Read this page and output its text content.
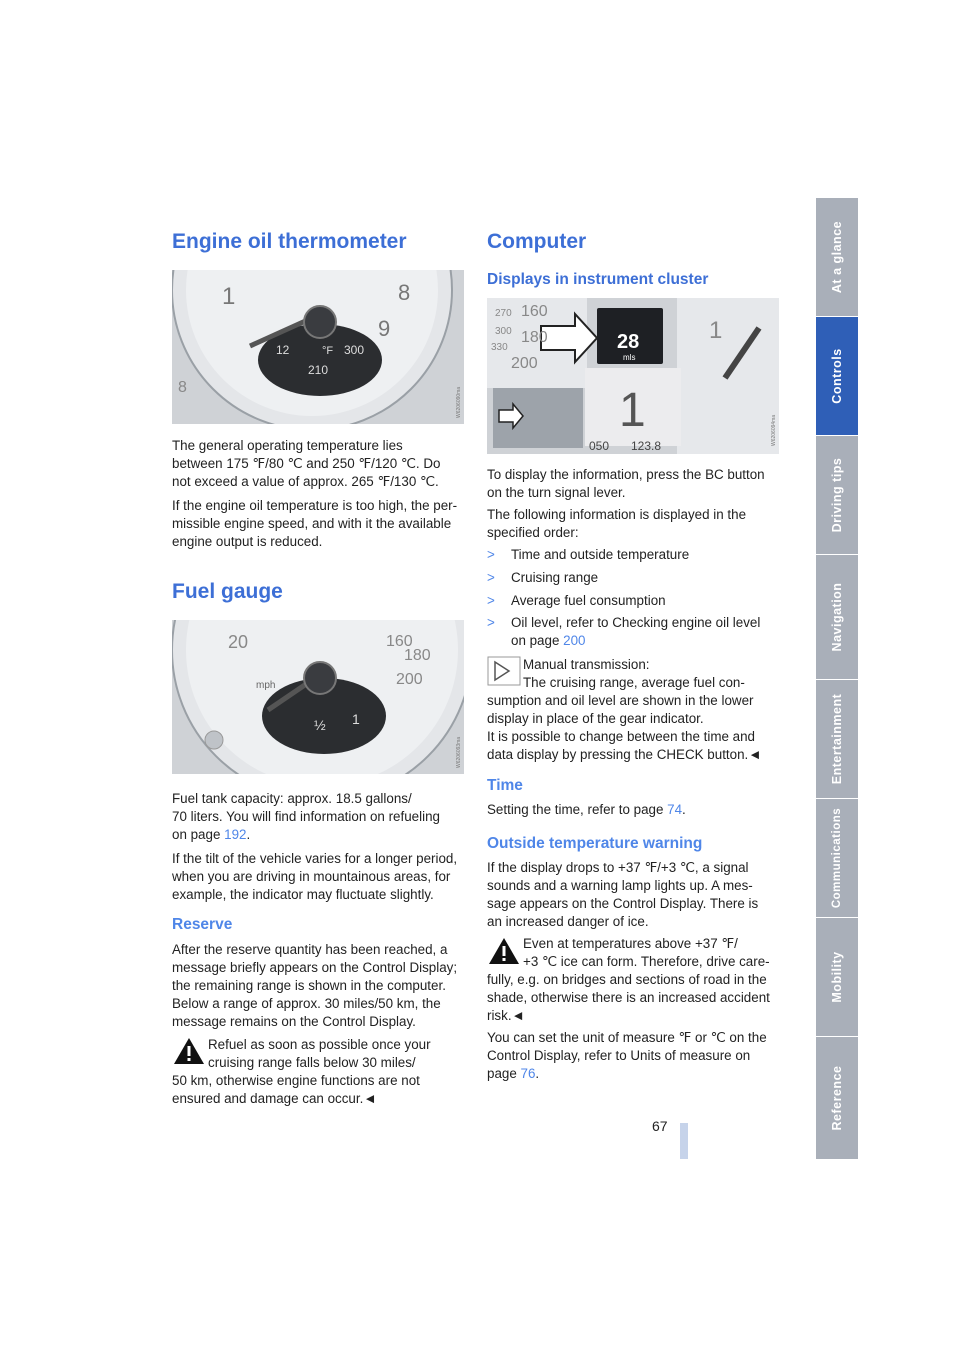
Engine oil thermometer
1	8
9
12	°F 300
210
8	W6206090ma

The general operating temperature lies

between 175 ℉/80 ℃ and 250 ℉/120 ℃. Do

not exceed a value of approx. 265 ℉/130 ℃.

If the engine oil temperature is too high, the per-

missible engine speed, and with it the available

engine output is reduced.

Fuel gauge
20
mph
160
180
200
1
½
W6206093ma

Fuel tank capacity: approx. 18.5 gallons/

70 liters. You will find information on refueling

on page 192.

If the tilt of the vehicle varies for a longer period,

when you are driving in mountainous areas, for

example, the indicator may fluctuate slightly.

Reserve

After the reserve quantity has been reached, a

message briefly appears on the Control Display;

the remaining range is shown in the computer.

Below a range of approx. 30 miles/50 km, the

message remains on the Control Display.

Refuel as soon as possible once your

cruising range falls below 30 miles/

50 km, otherwise engine functions are not

ensured and damage can occur.◄

Computer
Displays in instrument cluster
270 160
300 180
330
200
1
1
28
mls
050 123.8	W6206094ma

To display the information, press the BC button

on the turn signal lever.

The following information is displayed in the

specified order:

> Time and outside temperature
> Cruising range
> Average fuel consumption
> Oil level, refer to Checking engine oil level

on page 200

Manual transmission:

The cruising range, average fuel con-

sumption and oil level are shown in the lower

display in place of the gear indicator.

It is possible to change between the time and

data display by pressing the CHECK button.◄

Time

Setting the time, refer to page 74.

Outside temperature warning

If the display drops to +37 ℉/+3 ℃, a signal

sounds and a warning lamp lights up. A mes-

sage appears on the Control Display. There is

an increased danger of ice.

Even at temperatures above +37 ℉/

+3 ℃ ice can form. Therefore, drive care-

fully, e.g. on bridges and sections of road in the

shade, otherwise there is an increased accident

risk.◄

You can set the unit of measure ℉ or ℃ on the

Control Display, refer to Units of measure on

page 76.

67
At a glance
Controls
Driving tips
Navigation
Entertainment
Communications
Mobility
Reference
